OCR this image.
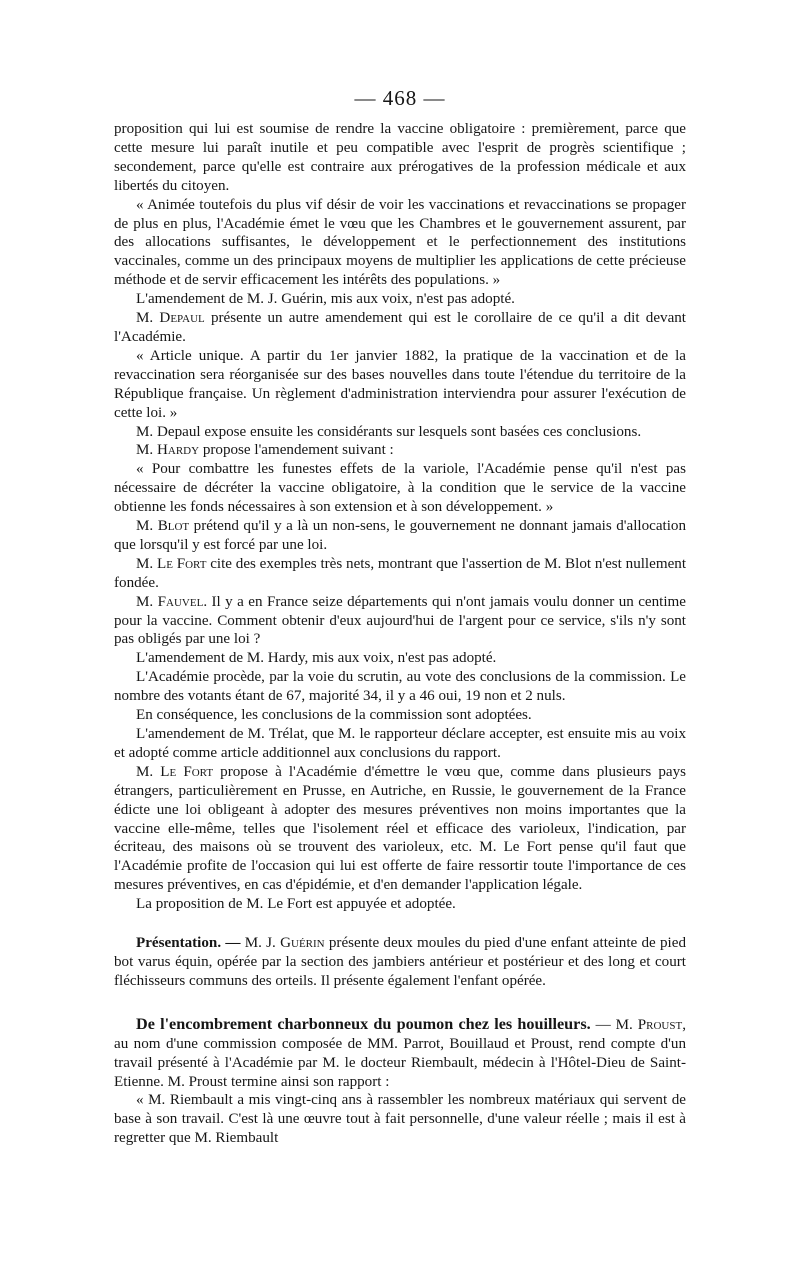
— 468 —

proposition qui lui est soumise de rendre la vaccine obligatoire : premièrement, parce que cette mesure lui paraît inutile et peu compatible avec l'esprit de progrès scientifique ; secondement, parce qu'elle est contraire aux prérogatives de la profession médicale et aux libertés du citoyen.

« Animée toutefois du plus vif désir de voir les vaccinations et revaccinations se propager de plus en plus, l'Académie émet le vœu que les Chambres et le gouvernement assurent, par des allocations suffisantes, le développement et le perfectionnement des institutions vaccinales, comme un des principaux moyens de multiplier les applications de cette précieuse méthode et de servir efficacement les intérêts des populations. »

L'amendement de M. J. Guérin, mis aux voix, n'est pas adopté.

M. Depaul présente un autre amendement qui est le corollaire de ce qu'il a dit devant l'Académie.

« Article unique. A partir du 1er janvier 1882, la pratique de la vaccination et de la revaccination sera réorganisée sur des bases nouvelles dans toute l'étendue du territoire de la République française. Un règlement d'administration interviendra pour assurer l'exécution de cette loi. »

M. Depaul expose ensuite les considérants sur lesquels sont basées ces conclusions.

M. Hardy propose l'amendement suivant :

« Pour combattre les funestes effets de la variole, l'Académie pense qu'il n'est pas nécessaire de décréter la vaccine obligatoire, à la condition que le service de la vaccine obtienne les fonds nécessaires à son extension et à son développement. »

M. Blot prétend qu'il y a là un non-sens, le gouvernement ne donnant jamais d'allocation que lorsqu'il y est forcé par une loi.

M. Le Fort cite des exemples très nets, montrant que l'assertion de M. Blot n'est nullement fondée.

M. Fauvel. Il y a en France seize départements qui n'ont jamais voulu donner un centime pour la vaccine. Comment obtenir d'eux aujourd'hui de l'argent pour ce service, s'ils n'y sont pas obligés par une loi ?

L'amendement de M. Hardy, mis aux voix, n'est pas adopté.

L'Académie procède, par la voie du scrutin, au vote des conclusions de la commission. Le nombre des votants étant de 67, majorité 34, il y a 46 oui, 19 non et 2 nuls.

En conséquence, les conclusions de la commission sont adoptées.

L'amendement de M. Trélat, que M. le rapporteur déclare accepter, est ensuite mis au voix et adopté comme article additionnel aux conclusions du rapport.

M. Le Fort propose à l'Académie d'émettre le vœu que, comme dans plusieurs pays étrangers, particulièrement en Prusse, en Autriche, en Russie, le gouvernement de la France édicte une loi obligeant à adopter des mesures préventives non moins importantes que la vaccine elle-même, telles que l'isolement réel et efficace des varioleux, l'indication, par écriteau, des maisons où se trouvent des varioleux, etc. M. Le Fort pense qu'il faut que l'Académie profite de l'occasion qui lui est offerte de faire ressortir toute l'importance de ces mesures préventives, en cas d'épidémie, et d'en demander l'application légale.

La proposition de M. Le Fort est appuyée et adoptée.

Présentation. — M. J. Guérin présente deux moules du pied d'une enfant atteinte de pied bot varus équin, opérée par la section des jambiers antérieur et postérieur et des long et court fléchisseurs communs des orteils. Il présente également l'enfant opérée.

De l'encombrement charbonneux du poumon chez les houilleurs. — M. Proust, au nom d'une commission composée de MM. Parrot, Bouillaud et Proust, rend compte d'un travail présenté à l'Académie par M. le docteur Riembault, médecin à l'Hôtel-Dieu de Saint-Etienne. M. Proust termine ainsi son rapport :

« M. Riembault a mis vingt-cinq ans à rassembler les nombreux matériaux qui servent de base à son travail. C'est là une œuvre tout à fait personnelle, d'une valeur réelle ; mais il est à regretter que M. Riembault
